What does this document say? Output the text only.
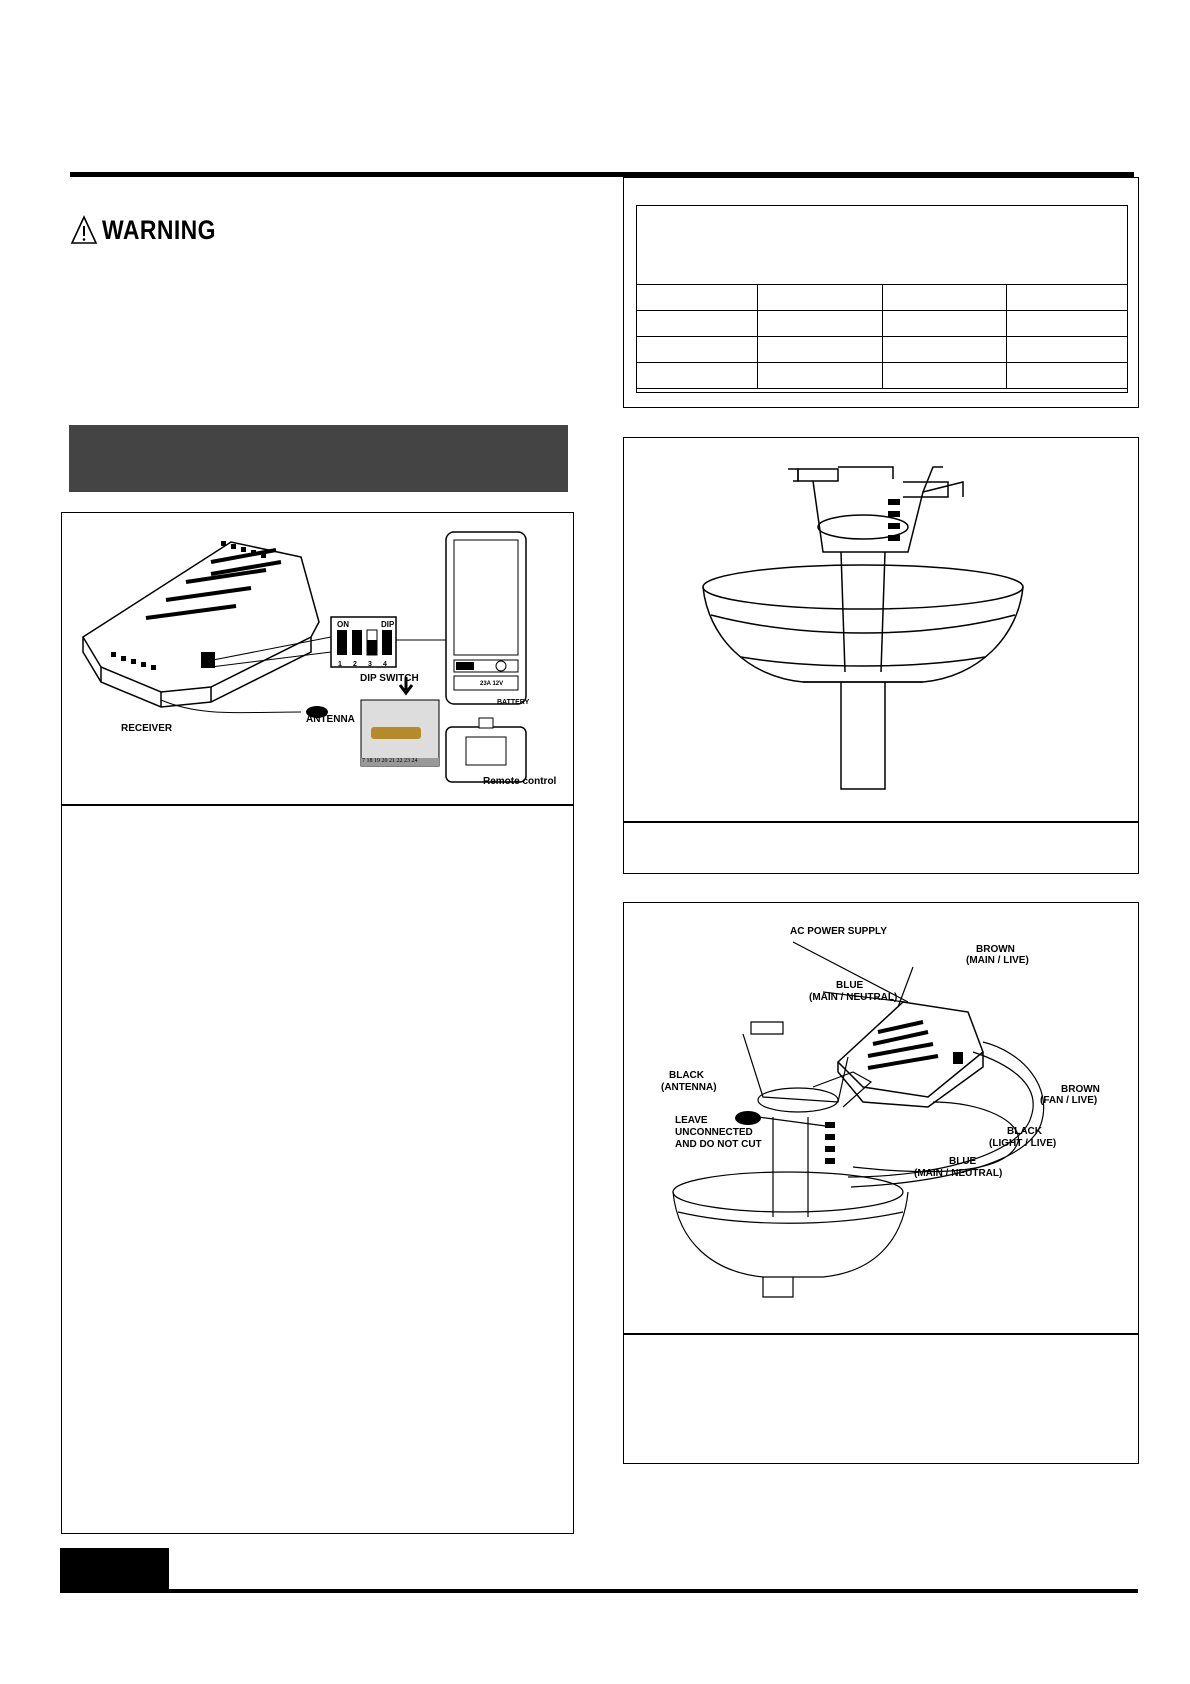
WARNING

RECEIVER
ANTENNA
DIP SWITCH
ON	DIP
1 2 3 4
BATTERY
23A 12V
Remote control
7 18 19 20 21 22 23 24
AC POWER SUPPLY
BROWN
(MAIN / LIVE)
BLUE
(MAIN / NEUTRAL)
BLACK
(ANTENNA)
LEAVE
UNCONNECTED
AND DO NOT CUT
BROWN
(FAN / LIVE)
BLACK
(LIGHT / LIVE)
BLUE
(MAIN / NEUTRAL)
